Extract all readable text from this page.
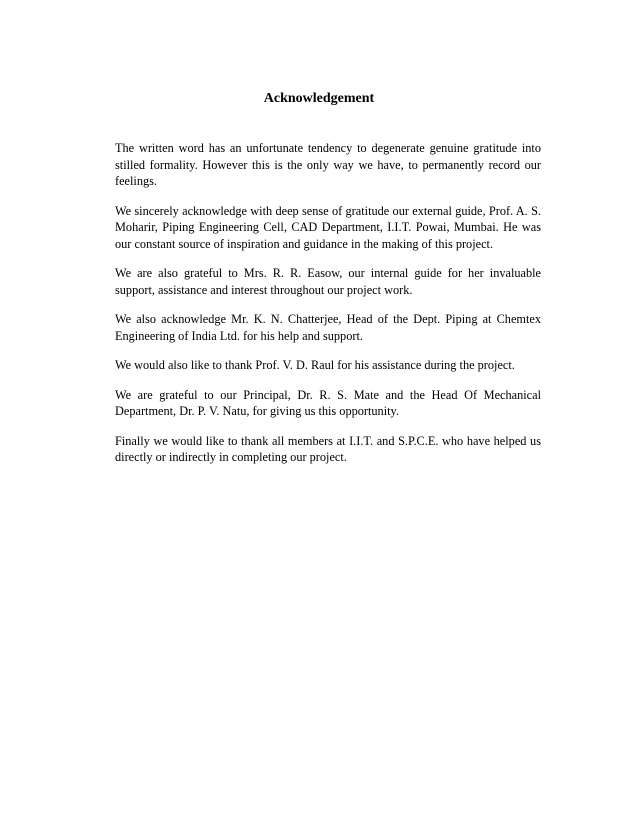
Acknowledgement

The written word has an unfortunate tendency to degenerate genuine gratitude into stilled formality. However this is the only way we have, to permanently record our feelings.

We sincerely acknowledge with deep sense of gratitude our external guide, Prof. A. S. Moharir, Piping Engineering Cell, CAD Department, I.I.T. Powai, Mumbai. He was our constant source of inspiration and guidance in the making of this project.

We are also grateful to Mrs. R. R. Easow, our internal guide for her invaluable support, assistance and interest throughout our project work.

We also acknowledge Mr. K. N. Chatterjee, Head of the Dept. Piping at Chemtex Engineering of India Ltd. for his help and support.

We would also like to thank Prof. V. D. Raul for his assistance during the project.

We are grateful to our Principal, Dr. R. S. Mate and the Head Of Mechanical Department, Dr. P. V. Natu, for giving us this opportunity.

Finally we would like to thank all members at I.I.T. and S.P.C.E. who have helped us directly or indirectly in completing our project.
